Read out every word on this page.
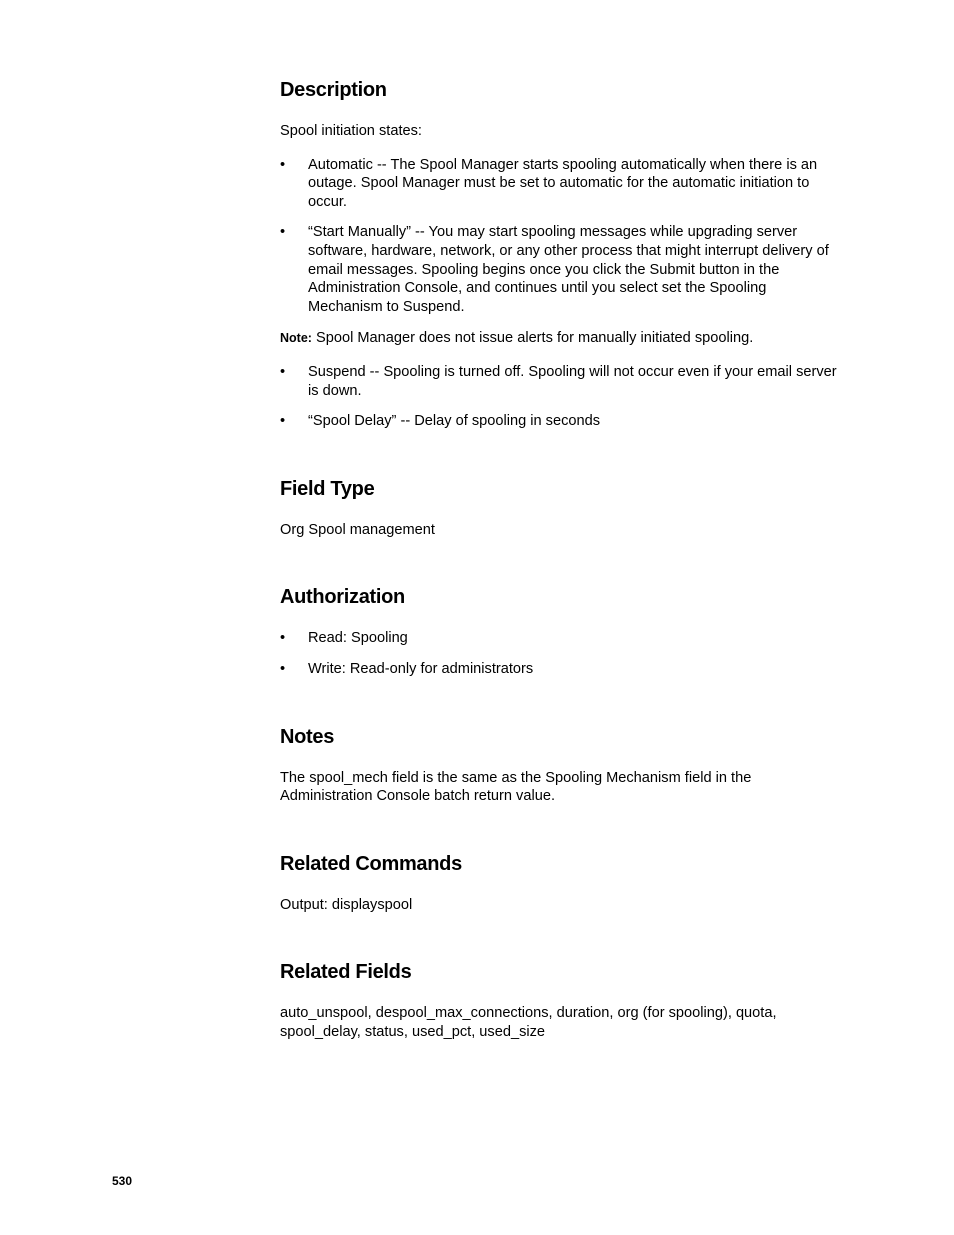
Description

Spool initiation states:

• Automatic -- The Spool Manager starts spooling automatically when there is an outage. Spool Manager must be set to automatic for the automatic initiation to occur.
• “Start Manually” -- You may start spooling messages while upgrading server software, hardware, network, or any other process that might interrupt delivery of email messages. Spooling begins once you click the Submit button in the Administration Console, and continues until you select set the Spooling Mechanism to Suspend.

Note: Spool Manager does not issue alerts for manually initiated spooling.

• Suspend -- Spooling is turned off. Spooling will not occur even if your email server is down.
• “Spool Delay” -- Delay of spooling in seconds
Field Type

Org Spool management

Authorization
• Read: Spooling
• Write: Read-only for administrators
Notes

The spool_mech field is the same as the Spooling Mechanism field in the Administration Console batch return value.

Related Commands

Output: displayspool

Related Fields

auto_unspool, despool_max_connections, duration, org (for spooling), quota, spool_delay, status, used_pct, used_size

530
